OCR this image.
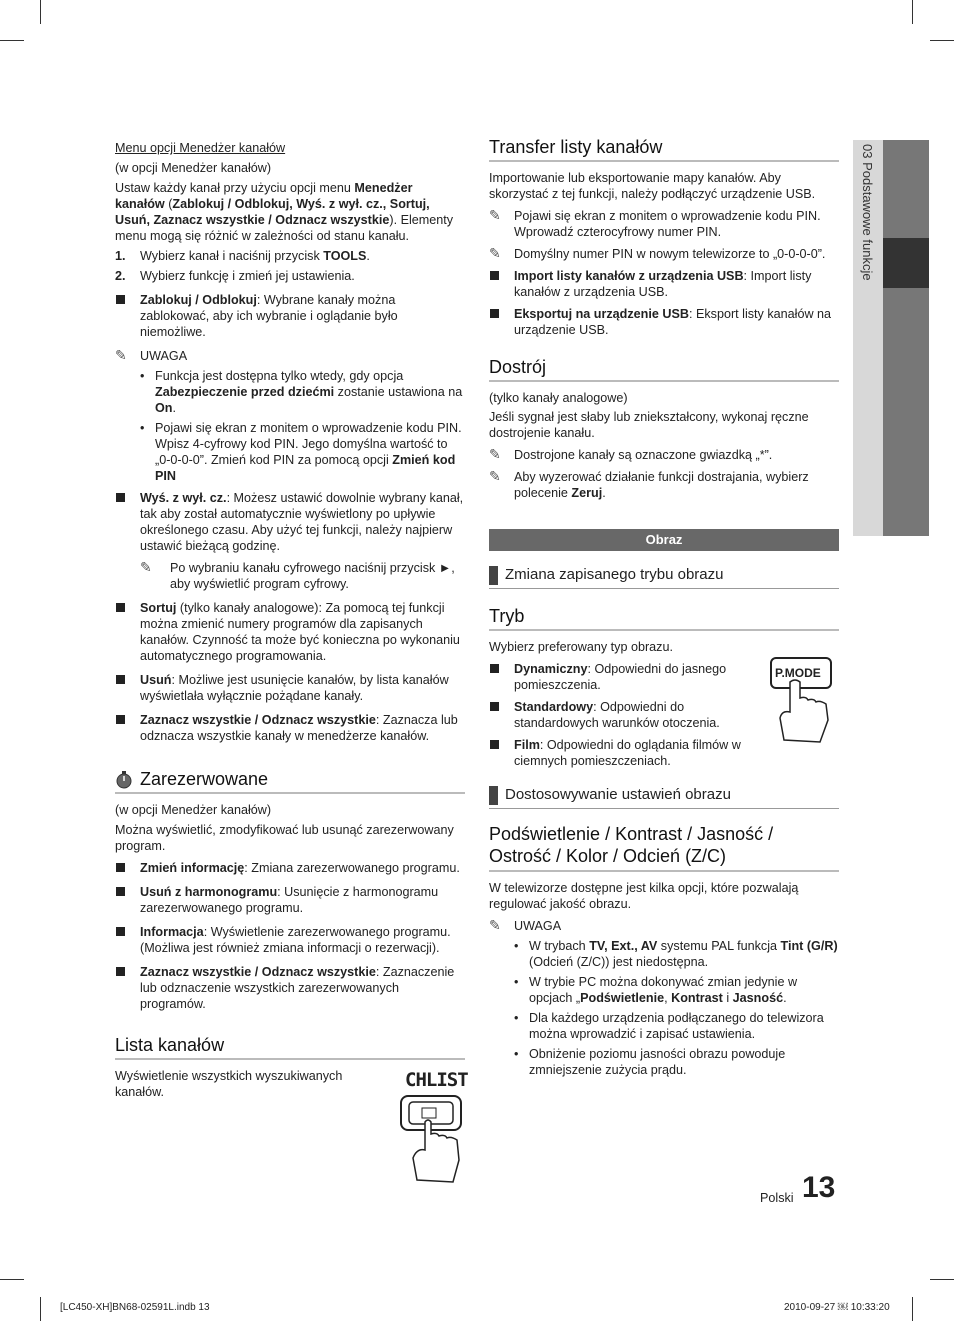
03 Podstawowe funkcje

Menu opcji Menedżer kanałów

(w opcji Menedżer kanałów)

Ustaw każdy kanał przy użyciu opcji menu Menedżer kanałów (Zablokuj / Odblokuj, Wyś. z wył. cz., Sortuj, Usuń, Zaznacz wszystkie / Odznacz wszystkie). Elementy menu mogą się różnić w zależności od stanu kanału.

1. Wybierz kanał i naciśnij przycisk TOOLS.
2. Wybierz funkcję i zmień jej ustawienia.
Zablokuj / Odblokuj: Wybrane kanały można zablokować, aby ich wybranie i oglądanie było niemożliwe.
✎ UWAGA
• Funkcja jest dostępna tylko wtedy, gdy opcja Zabezpieczenie przed dziećmi zostanie ustawiona na On.
• Pojawi się ekran z monitem o wprowadzenie kodu PIN. Wpisz 4-cyfrowy kod PIN. Jego domyślna wartość to „0-0-0-0”. Zmień kod PIN za pomocą opcji Zmień kod PIN
Wyś. z wył. cz.: Możesz ustawić dowolnie wybrany kanał, tak aby został automatycznie wyświetlony po upływie określonego czasu. Aby użyć tej funkcji, należy najpierw ustawić bieżącą godzinę.
✎ Po wybraniu kanału cyfrowego naciśnij przycisk ►, aby wyświetlić program cyfrowy.
Sortuj (tylko kanały analogowe): Za pomocą tej funkcji można zmienić numery programów dla zapisanych kanałów. Czynność ta może być konieczna po wykonaniu automatycznego programowania.
Usuń: Możliwe jest usunięcie kanałów, by lista kanałów wyświetlała wyłącznie pożądane kanały.
Zaznacz wszystkie / Odznacz wszystkie: Zaznacza lub odznacza wszystkie kanały w menedżerze kanałów.
Zarezerwowane

(w opcji Menedżer kanałów)

Można wyświetlić, zmodyfikować lub usunąć zarezerwowany program.

Zmień informację: Zmiana zarezerwowanego programu.
Usuń z harmonogramu: Usunięcie z harmonogramu zarezerwowanego programu.
Informacja: Wyświetlenie zarezerwowanego programu. (Możliwa jest również zmiana informacji o rezerwacji).
Zaznacz wszystkie / Odznacz wszystkie: Zaznaczenie lub odznaczenie wszystkich zarezerwowanych programów.
Lista kanałów

Wyświetlenie wszystkich wyszukiwanych kanałów.

CHLIST
Transfer listy kanałów

Importowanie lub eksportowanie mapy kanałów. Aby skorzystać z tej funkcji, należy podłączyć urządzenie USB.

✎ Pojawi się ekran z monitem o wprowadzenie kodu PIN. Wprowadź czterocyfrowy numer PIN.
✎ Domyślny numer PIN w nowym telewizorze to „0-0-0-0”.
Import listy kanałów z urządzenia USB: Import listy kanałów z urządzenia USB.
Eksportuj na urządzenie USB: Eksport listy kanałów na urządzenie USB.
Dostrój

(tylko kanały analogowe)

Jeśli sygnał jest słaby lub zniekształcony, wykonaj ręczne dostrojenie kanału.

✎ Dostrojone kanały są oznaczone gwiazdką „*”.
✎ Aby wyzerować działanie funkcji dostrajania, wybierz polecenie Zeruj.
Obraz
Zmiana zapisanego trybu obrazu
Tryb

Wybierz preferowany typ obrazu.

Dynamiczny: Odpowiedni do jasnego pomieszczenia.
Standardowy: Odpowiedni do standardowych warunków otoczenia.
Film: Odpowiedni do oglądania filmów w ciemnych pomieszczeniach.
Dostosowywanie ustawień obrazu
Podświetlenie / Kontrast / Jasność / Ostrość / Kolor / Odcień (Z/C)

W telewizorze dostępne jest kilka opcji, które pozwalają regulować jakość obrazu.

✎ UWAGA
• W trybach TV, Ext., AV systemu PAL funkcja Tint (G/R) (Odcień (Z/C)) jest niedostępna.
• W trybie PC można dokonywać zmian jedynie w opcjach „Podświetlenie, Kontrast i Jasność.
• Dla każdego urządzenia podłączanego do telewizora można wprowadzić i zapisać ustawienia.
• Obniżenie poziomu jasności obrazu powoduje zmniejszenie zużycia prądu.
P.MODE
Polski 13
[LC450-XH]BN68-02591L.indb 13	2010-09-27 ￼ 10:33:20
